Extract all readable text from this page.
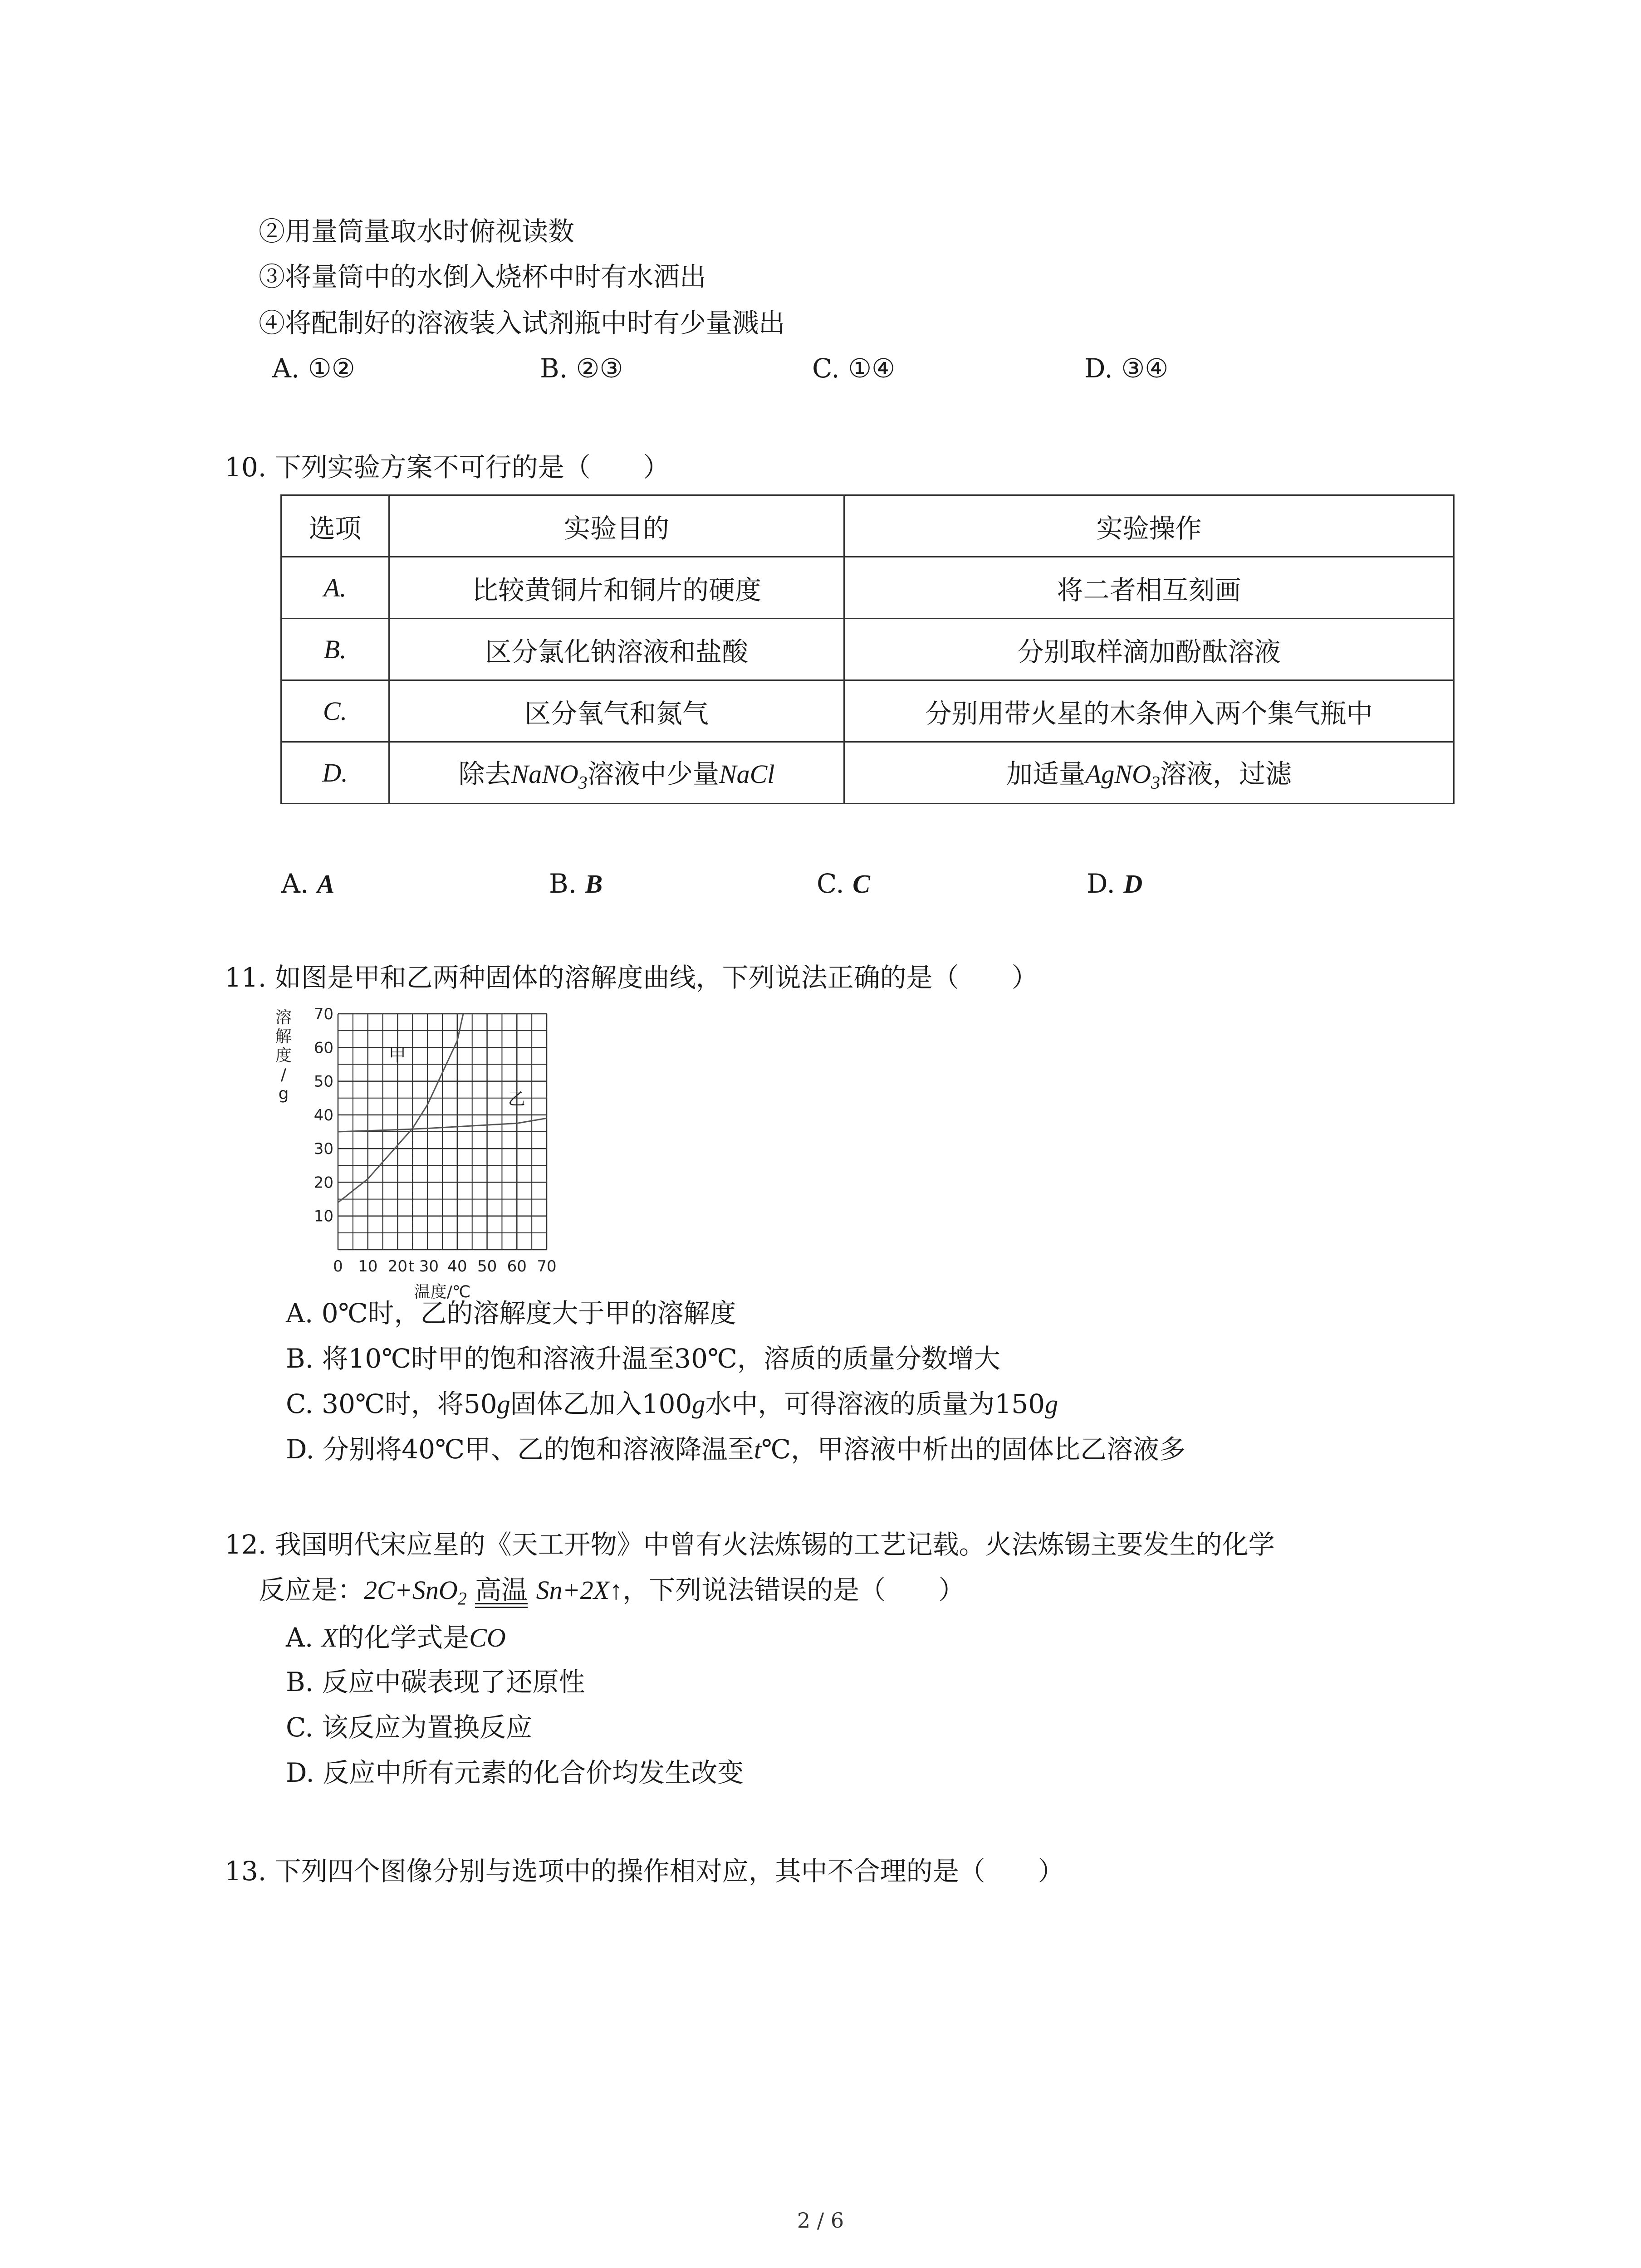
②用量筒量取水时俯视读数
③将量筒中的水倒入烧杯中时有水洒出
④将配制好的溶液装入试剂瓶中时有少量溅出
A. ①②	B. ②③	C. ①④	D. ③④
10. 下列实验方案不可行的是（　　）
选项	实验目的	实验操作
A.	比较黄铜片和铜片的硬度	将二者相互刻画
B.	区分氯化钠溶液和盐酸	分别取样滴加酚酞溶液
C.	区分氧气和氮气	分别用带火星的木条伸入两个集气瓶中
D.	除去NaNO$_3$溶液中少量NaCl	加适量AgNO$_3$溶液，过滤
A. A	B. B	C. C	D. D
11. 如图是甲和乙两种固体的溶解度曲线，下列说法正确的是（　　）
溶
解
度
/
g
10
20
30
40
50
60
70
0 10 20 t 30 40 50 60 70
温度/℃
甲
乙
A. 0℃时，乙的溶解度大于甲的溶解度
B. 将10℃时甲的饱和溶液升温至30℃，溶质的质量分数增大
C. 30℃时，将50g固体乙加入100g水中，可得溶液的质量为150g
D. 分别将40℃甲、乙的饱和溶液降温至t℃，甲溶液中析出的固体比乙溶液多
12. 我国明代宋应星的《天工开物》中曾有火法炼锡的工艺记载。火法炼锡主要发生的化学
反应是：2C+SnO$_2$ 高温 Sn+2X↑，下列说法错误的是（　　）
A. X的化学式是CO
B. 反应中碳表现了还原性
C. 该反应为置换反应
D. 反应中所有元素的化合价均发生改变
13. 下列四个图像分别与选项中的操作相对应，其中不合理的是（　　）
2 / 6
